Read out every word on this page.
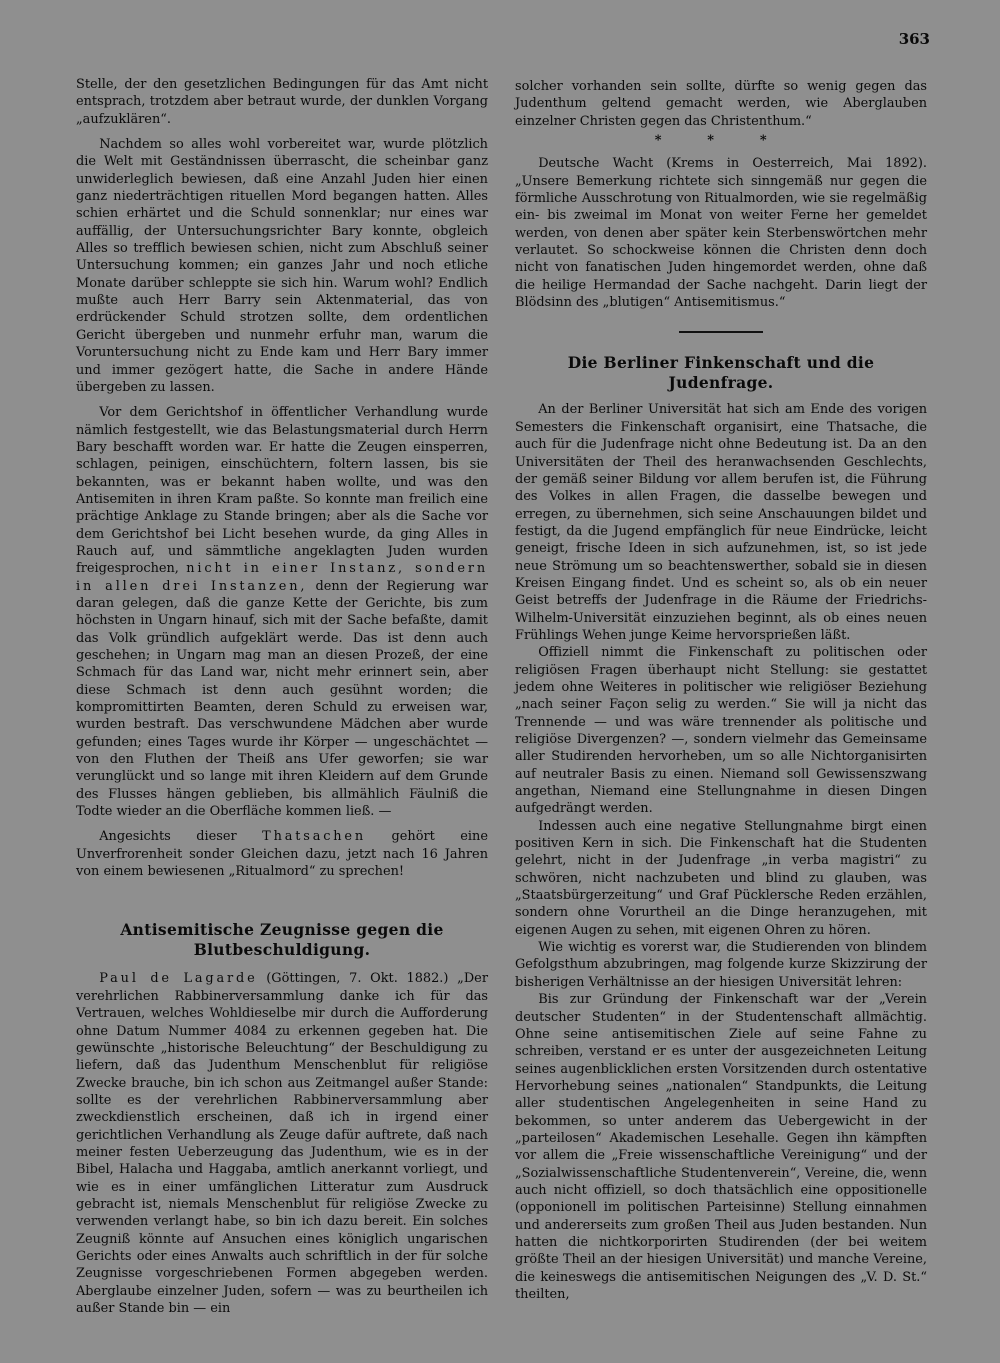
363

Stelle, der den gesetzlichen Bedingungen für das Amt nicht entsprach, trotzdem aber betraut wurde, der dunklen Vorgang „aufzuklären“.

Nachdem so alles wohl vorbereitet war, wurde plötzlich die Welt mit Geständnissen überrascht, die scheinbar ganz unwiderleglich bewiesen, daß eine Anzahl Juden hier einen ganz niederträchtigen rituellen Mord begangen hatten. Alles schien erhärtet und die Schuld sonnenklar; nur eines war auffällig, der Untersuchungsrichter Bary konnte, obgleich Alles so trefflich bewiesen schien, nicht zum Abschluß seiner Untersuchung kommen; ein ganzes Jahr und noch etliche Monate darüber schleppte sie sich hin. Warum wohl? Endlich mußte auch Herr Barry sein Aktenmaterial, das von erdrückender Schuld strotzen sollte, dem ordentlichen Gericht übergeben und nunmehr erfuhr man, warum die Voruntersuchung nicht zu Ende kam und Herr Bary immer und immer gezögert hatte, die Sache in andere Hände übergeben zu lassen.

Vor dem Gerichtshof in öffentlicher Verhandlung wurde nämlich festgestellt, wie das Belastungsmaterial durch Herrn Bary beschafft worden war. Er hatte die Zeugen einsperren, schlagen, peinigen, einschüchtern, foltern lassen, bis sie bekannten, was er bekannt haben wollte, und was den Antisemiten in ihren Kram paßte. So konnte man freilich eine prächtige Anklage zu Stande bringen; aber als die Sache vor dem Gerichtshof bei Licht besehen wurde, da ging Alles in Rauch auf, und sämmtliche angeklagten Juden wurden freigesprochen, nicht in einer Instanz, sondern in allen drei Instanzen, denn der Regierung war daran gelegen, daß die ganze Kette der Gerichte, bis zum höchsten in Ungarn hinauf, sich mit der Sache befaßte, damit das Volk gründlich aufgeklärt werde. Das ist denn auch geschehen; in Ungarn mag man an diesen Prozeß, der eine Schmach für das Land war, nicht mehr erinnert sein, aber diese Schmach ist denn auch gesühnt worden; die kompromittirten Beamten, deren Schuld zu erweisen war, wurden bestraft. Das verschwundene Mädchen aber wurde gefunden; eines Tages wurde ihr Körper — ungeschächtet — von den Fluthen der Theiß ans Ufer geworfen; sie war verunglückt und so lange mit ihren Kleidern auf dem Grunde des Flusses hängen geblieben, bis allmählich Fäulniß die Todte wieder an die Oberfläche kommen ließ. —

Angesichts dieser Thatsachen gehört eine Unverfrorenheit sonder Gleichen dazu, jetzt nach 16 Jahren von einem bewiesenen „Ritualmord“ zu sprechen!

Antisemitische Zeugnisse gegen die Blutbeschuldigung.

Paul de Lagarde (Göttingen, 7. Okt. 1882.) „Der verehrlichen Rabbinerversammlung danke ich für das Vertrauen, welches Wohldieselbe mir durch die Aufforderung ohne Datum Nummer 4084 zu erkennen gegeben hat. Die gewünschte „historische Beleuchtung“ der Beschuldigung zu liefern, daß das Judenthum Menschenblut für religiöse Zwecke brauche, bin ich schon aus Zeitmangel außer Stande: sollte es der verehrlichen Rabbinerversammlung aber zweckdienstlich erscheinen, daß ich in irgend einer gerichtlichen Verhandlung als Zeuge dafür auftrete, daß nach meiner festen Ueberzeugung das Judenthum, wie es in der Bibel, Halacha und Haggaba, amtlich anerkannt vorliegt, und wie es in einer umfänglichen Litteratur zum Ausdruck gebracht ist, niemals Menschenblut für religiöse Zwecke zu verwenden verlangt habe, so bin ich dazu bereit. Ein solches Zeugniß könnte auf Ansuchen eines königlich ungarischen Gerichts oder eines Anwalts auch schriftlich in der für solche Zeugnisse vorgeschriebenen Formen abgegeben werden. Aberglaube einzelner Juden, sofern — was zu beurtheilen ich außer Stande bin — ein

solcher vorhanden sein sollte, dürfte so wenig gegen das Judenthum geltend gemacht werden, wie Aberglauben einzelner Christen gegen das Christenthum.“

* * *

Deutsche Wacht (Krems in Oesterreich, Mai 1892). „Unsere Bemerkung richtete sich sinngemäß nur gegen die förmliche Ausschrotung von Ritualmorden, wie sie regelmäßig ein- bis zweimal im Monat von weiter Ferne her gemeldet werden, von denen aber später kein Sterbenswörtchen mehr verlautet. So schockweise können die Christen denn doch nicht von fanatischen Juden hingemordet werden, ohne daß die heilige Hermandad der Sache nachgeht. Darin liegt der Blödsinn des „blutigen“ Antisemitismus.“

Die Berliner Finkenschaft und die Judenfrage.

An der Berliner Universität hat sich am Ende des vorigen Semesters die Finkenschaft organisirt, eine Thatsache, die auch für die Judenfrage nicht ohne Bedeutung ist. Da an den Universitäten der Theil des heranwachsenden Geschlechts, der gemäß seiner Bildung vor allem berufen ist, die Führung des Volkes in allen Fragen, die dasselbe bewegen und erregen, zu übernehmen, sich seine Anschauungen bildet und festigt, da die Jugend empfänglich für neue Eindrücke, leicht geneigt, frische Ideen in sich aufzunehmen, ist, so ist jede neue Strömung um so beachtenswerther, sobald sie in diesen Kreisen Eingang findet. Und es scheint so, als ob ein neuer Geist betreffs der Judenfrage in die Räume der Friedrichs-Wilhelm-Universität einzuziehen beginnt, als ob eines neuen Frühlings Wehen junge Keime hervorsprießen läßt.

Offiziell nimmt die Finkenschaft zu politischen oder religiösen Fragen überhaupt nicht Stellung: sie gestattet jedem ohne Weiteres in politischer wie religiöser Beziehung „nach seiner Façon selig zu werden.“ Sie will ja nicht das Trennende — und was wäre trennender als politische und religiöse Divergenzen? —, sondern vielmehr das Gemeinsame aller Studirenden hervorheben, um so alle Nichtorganisirten auf neutraler Basis zu einen. Niemand soll Gewissenszwang angethan, Niemand eine Stellungnahme in diesen Dingen aufgedrängt werden.

Indessen auch eine negative Stellungnahme birgt einen positiven Kern in sich. Die Finkenschaft hat die Studenten gelehrt, nicht in der Judenfrage „in verba magistri“ zu schwören, nicht nachzubeten und blind zu glauben, was „Staatsbürgerzeitung“ und Graf Pücklersche Reden erzählen, sondern ohne Vorurtheil an die Dinge heranzugehen, mit eigenen Augen zu sehen, mit eigenen Ohren zu hören.

Wie wichtig es vorerst war, die Studierenden von blindem Gefolgsthum abzubringen, mag folgende kurze Skizzirung der bisherigen Verhältnisse an der hiesigen Universität lehren:

Bis zur Gründung der Finkenschaft war der „Verein deutscher Studenten“ in der Studentenschaft allmächtig. Ohne seine antisemitischen Ziele auf seine Fahne zu schreiben, verstand er es unter der ausgezeichneten Leitung seines augenblicklichen ersten Vorsitzenden durch ostentative Hervorhebung seines „nationalen“ Standpunkts, die Leitung aller studentischen Angelegenheiten in seine Hand zu bekommen, so unter anderem das Uebergewicht in der „parteilosen“ Akademischen Lesehalle. Gegen ihn kämpften vor allem die „Freie wissenschaftliche Vereinigung“ und der „Sozialwissenschaftliche Studentenverein“, Vereine, die, wenn auch nicht offiziell, so doch thatsächlich eine oppositionelle (opponionell im politischen Parteisinne) Stellung einnahmen und andererseits zum großen Theil aus Juden bestanden. Nun hatten die nichtkorporirten Studirenden (der bei weitem größte Theil an der hiesigen Universität) und manche Vereine, die keineswegs die antisemitischen Neigungen des „V. D. St.“ theilten,
